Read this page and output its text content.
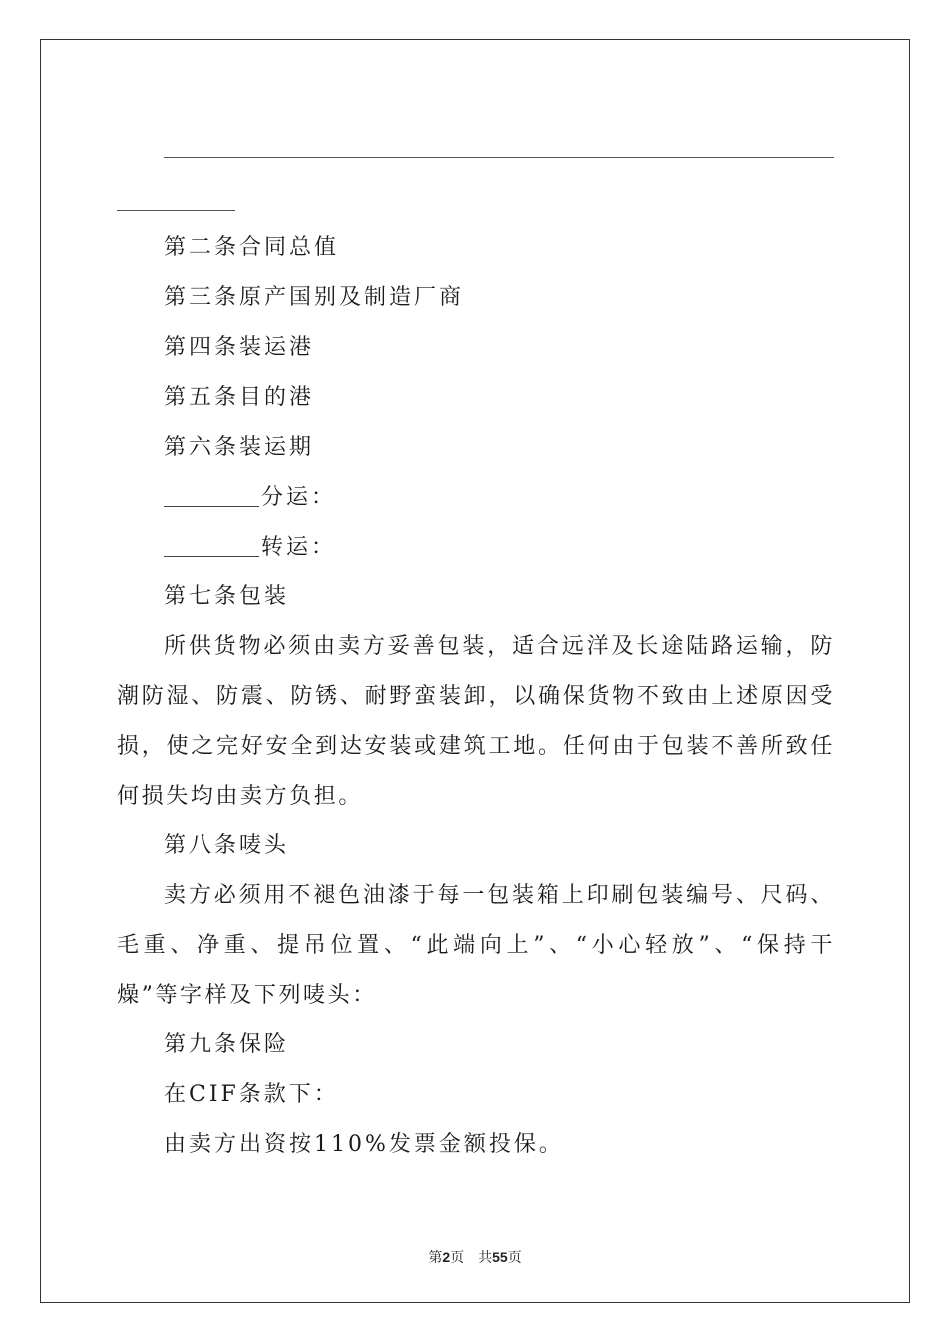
第二条合同总值
第三条原产国别及制造厂商
第四条装运港
第五条目的港
第六条装运期
分运：
转运：
第七条包装
所供货物必须由卖方妥善包装，适合远洋及长途陆路运输，防潮防湿、防震、防锈、耐野蛮装卸，以确保货物不致由上述原因受损，使之完好安全到达安装或建筑工地。任何由于包装不善所致任何损失均由卖方负担。
第八条唛头
卖方必须用不褪色油漆于每一包装箱上印刷包装编号、尺码、毛重、净重、提吊位置、“此端向上”、“小心轻放”、“保持干燥”等字样及下列唛头：
第九条保险
在CIF条款下：
由卖方出资按110%发票金额投保。
第2页　共55页
